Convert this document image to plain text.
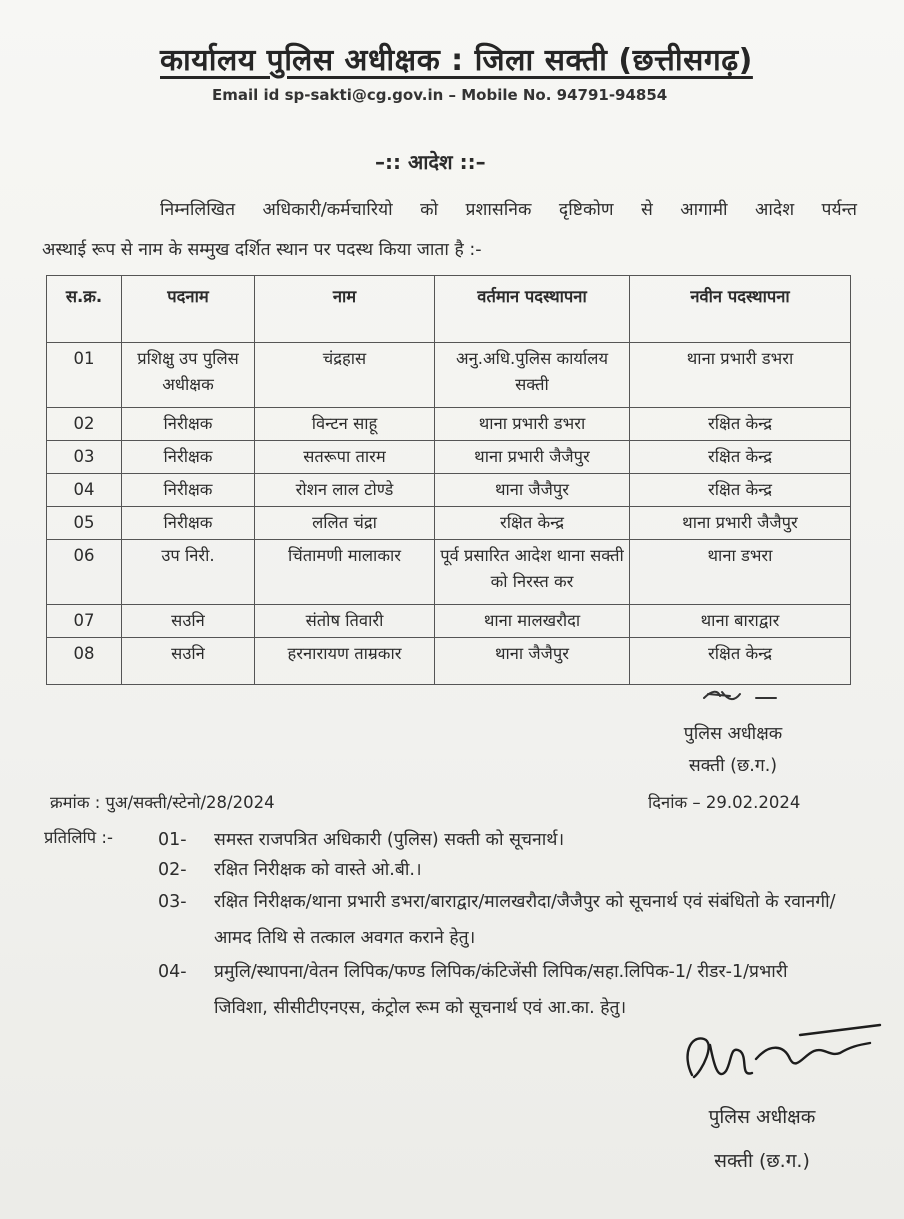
कार्यालय पुलिस अधीक्षक : जिला सक्ती (छत्तीसगढ़)
Email id sp-sakti@cg.gov.in – Mobile No. 94791-94854
–:: आदेश ::–
निम्नलिखित अधिकारी/कर्मचारियो को प्रशासनिक दृष्टिकोण से आगामी आदेश पर्यन्त
अस्थाई रूप से नाम के सम्मुख दर्शित स्थान पर पदस्थ किया जाता है :-
स.क्र.	पदनाम	नाम	वर्तमान पदस्थापना	नवीन पदस्थापना
01	प्रशिक्षु उप पुलिस अधीक्षक	चंद्रहास	अनु.अधि.पुलिस कार्यालय सक्ती	थाना प्रभारी डभरा
02	निरीक्षक	विन्टन साहू	थाना प्रभारी डभरा	रक्षित केन्द्र
03	निरीक्षक	सतरूपा तारम	थाना प्रभारी जैजैपुर	रक्षित केन्द्र
04	निरीक्षक	रोशन लाल टोण्डे	थाना जैजैपुर	रक्षित केन्द्र
05	निरीक्षक	ललित चंद्रा	रक्षित केन्द्र	थाना प्रभारी जैजैपुर
06	उप निरी.	चिंतामणी मालाकार	पूर्व प्रसारित आदेश थाना सक्ती को निरस्त कर	थाना डभरा
07	सउनि	संतोष तिवारी	थाना मालखरौदा	थाना बाराद्वार
08	सउनि	हरनारायण ताम्रकार	थाना जैजैपुर	रक्षित केन्द्र
पुलिस अधीक्षक
सक्ती (छ.ग.)
क्रमांक : पुअ/सक्ती/स्टेनो/28/2024	दिनांक – 29.02.2024
प्रतिलिपि :-	01-	समस्त राजपत्रित अधिकारी (पुलिस) सक्ती को सूचनार्थ।
02-	रक्षित निरीक्षक को वास्ते ओ.बी.।
03-	रक्षित निरीक्षक/थाना प्रभारी डभरा/बाराद्वार/मालखरौदा/जैजैपुर को सूचनार्थ एवं संबंधितो के रवानगी/ आमद तिथि से तत्काल अवगत कराने हेतु।
04-	प्रमुलि/स्थापना/वेतन लिपिक/फण्ड लिपिक/कंटिजेंसी लिपिक/सहा.लिपिक-1/ रीडर-1/प्रभारी जिविशा, सीसीटीएनएस, कंट्रोल रूम को सूचनार्थ एवं आ.का. हेतु।
पुलिस अधीक्षक
सक्ती (छ.ग.)
